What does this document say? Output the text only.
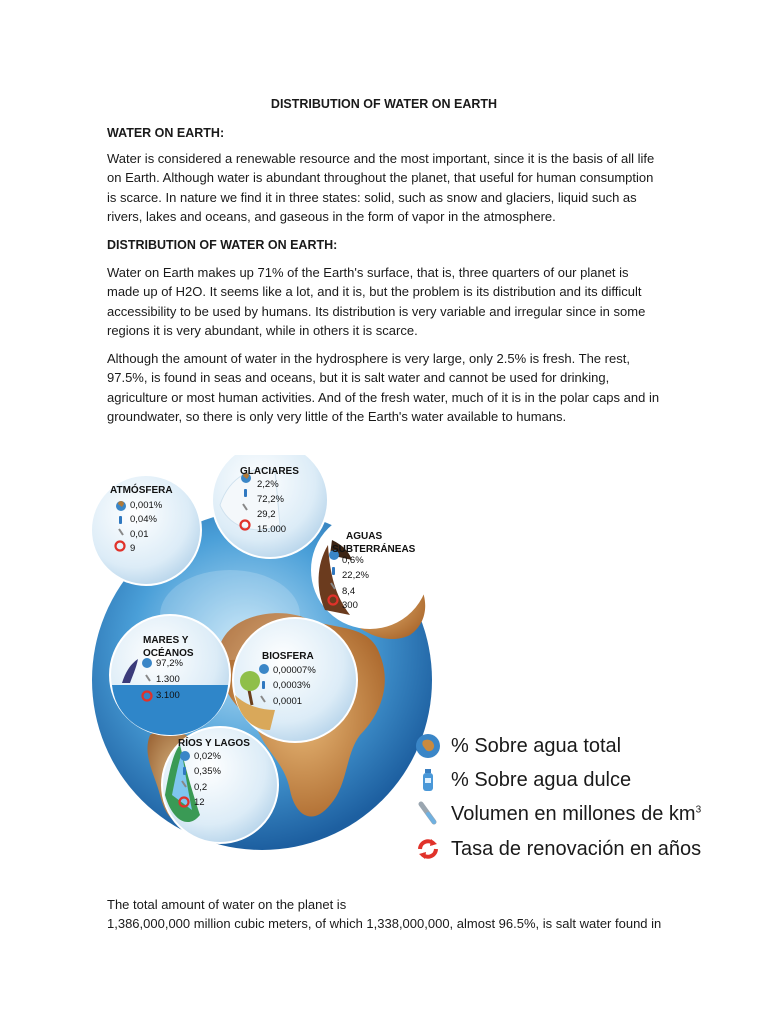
DISTRIBUTION OF WATER ON EARTH
WATER ON EARTH:
Water is considered a renewable resource and the most important, since it is the basis of all life on Earth. Although water is abundant throughout the planet, that useful for human consumption is scarce. In nature we find it in three states: solid, such as snow and glaciers, liquid such as rivers, lakes and oceans, and gaseous in the form of vapor in the atmosphere.
DISTRIBUTION OF WATER ON EARTH:
Water on Earth makes up 71% of the Earth's surface, that is, three quarters of our planet is made up of H2O. It seems like a lot, and it is, but the problem is its distribution and its difficult accessibility to be used by humans. Its distribution is very variable and irregular since in some regions it is very abundant, while in others it is scarce.
Although the amount of water in the hydrosphere is very large, only 2.5% is fresh. The rest, 97.5%, is found in seas and oceans, but it is salt water and cannot be used for drinking, agriculture or most human activities. And of the fresh water, much of it is in the polar caps and in groundwater, so there is only very little of the Earth's water available to humans.
ATMÓSFERA
0,001%
0,04%
0,01
9
GLACIARES
2,2%
72,2%
29,2
15.000
AGUAS
SUBTERRÁNEAS
0,6%
22,2%
8,4
300
MARES Y
OCÉANOS
97,2%
1.300
3.100
BIOSFERA
0,00007%
0,0003%
0,0001
RÍOS Y LAGOS
0,02%
0,35%
0,2
12
% Sobre agua total
% Sobre agua dulce
Volumen en millones de $km^3$
Tasa de renovación en años
The total amount of water on the planet is
1,386,000,000 million cubic meters, of which 1,338,000,000, almost 96.5%, is salt water found in
